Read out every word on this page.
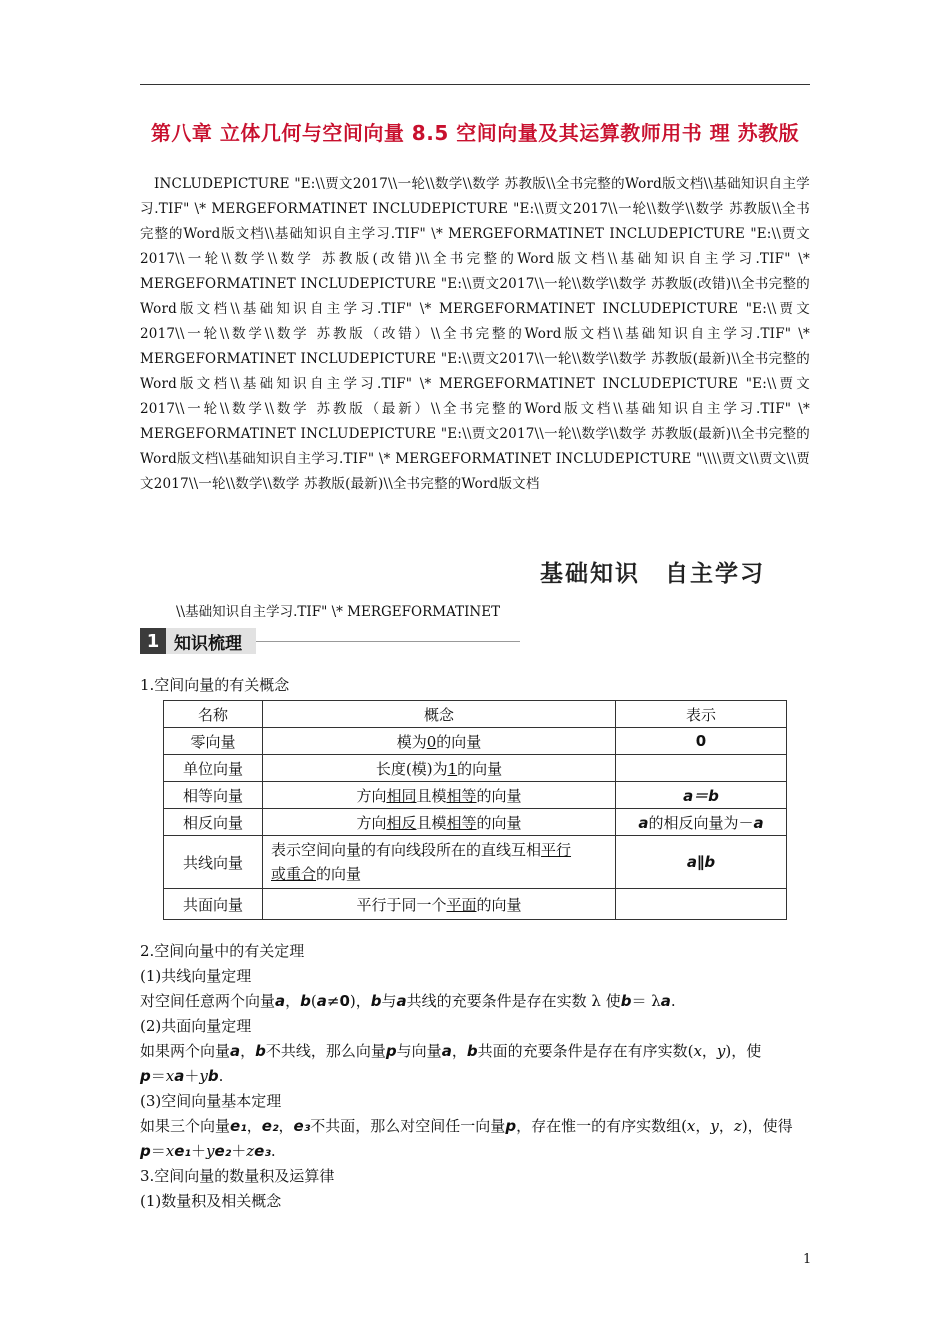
第八章 立体几何与空间向量 8.5 空间向量及其运算教师用书 理 苏教版

INCLUDEPICTURE "E:\\贾文2017\\一轮\\数学\\数学 苏教版\\全书完整的Word版文档\\基础知识自主学习.TIF" \* MERGEFORMATINET INCLUDEPICTURE "E:\\贾文2017\\一轮\\数学\\数学 苏教版\\全书完整的Word版文档\\基础知识自主学习.TIF" \* MERGEFORMATINET INCLUDEPICTURE "E:\\贾文2017\\一轮\\数学\\数学 苏教版(改错)\\全书完整的Word版文档\\基础知识自主学习.TIF" \* MERGEFORMATINET INCLUDEPICTURE "E:\\贾文2017\\一轮\\数学\\数学 苏教版(改错)\\全书完整的Word版文档\\基础知识自主学习.TIF" \* MERGEFORMATINET INCLUDEPICTURE "E:\\贾文2017\\一轮\\数学\\数学 苏教版（改错）\\全书完整的Word版文档\\基础知识自主学习.TIF" \* MERGEFORMATINET INCLUDEPICTURE "E:\\贾文2017\\一轮\\数学\\数学 苏教版(最新)\\全书完整的Word版文档\\基础知识自主学习.TIF" \* MERGEFORMATINET INCLUDEPICTURE "E:\\贾文2017\\一轮\\数学\\数学 苏教版（最新）\\全书完整的Word版文档\\基础知识自主学习.TIF" \* MERGEFORMATINET INCLUDEPICTURE "E:\\贾文2017\\一轮\\数学\\数学 苏教版(最新)\\全书完整的Word版文档\\基础知识自主学习.TIF" \* MERGEFORMATINET INCLUDEPICTURE "\\\\贾文\\贾文\\贾文2017\\一轮\\数学\\数学 苏教版(最新)\\全书完整的Word版文档

基础知识　自主学习
\\基础知识自主学习.TIF" \* MERGEFORMATINET
1 知识梳理

1.空间向量的有关概念

名称	概念	表示
零向量	模为0的向量	0
单位向量	长度(模)为1的向量	
相等向量	方向相同且模相等的向量	a＝b
相反向量	方向相反且模相等的向量	a的相反向量为－a
共线向量	表示空间向量的有向线段所在的直线互相平行
或重合的向量	a∥b
共面向量	平行于同一个平面的向量	

2.空间向量中的有关定理

(1)共线向量定理

对空间任意两个向量a，b(a≠0)，b与a共线的充要条件是存在实数 λ 使b＝ λa.

(2)共面向量定理

如果两个向量a，b不共线，那么向量p与向量a，b共面的充要条件是存在有序实数(x，y)，使

p＝xa＋yb.

(3)空间向量基本定理

如果三个向量e₁，e₂，e₃不共面，那么对空间任一向量p，存在惟一的有序实数组(x，y，z)，使得

p＝xe₁＋ye₂＋ze₃.

3.空间向量的数量积及运算律

(1)数量积及相关概念

1
